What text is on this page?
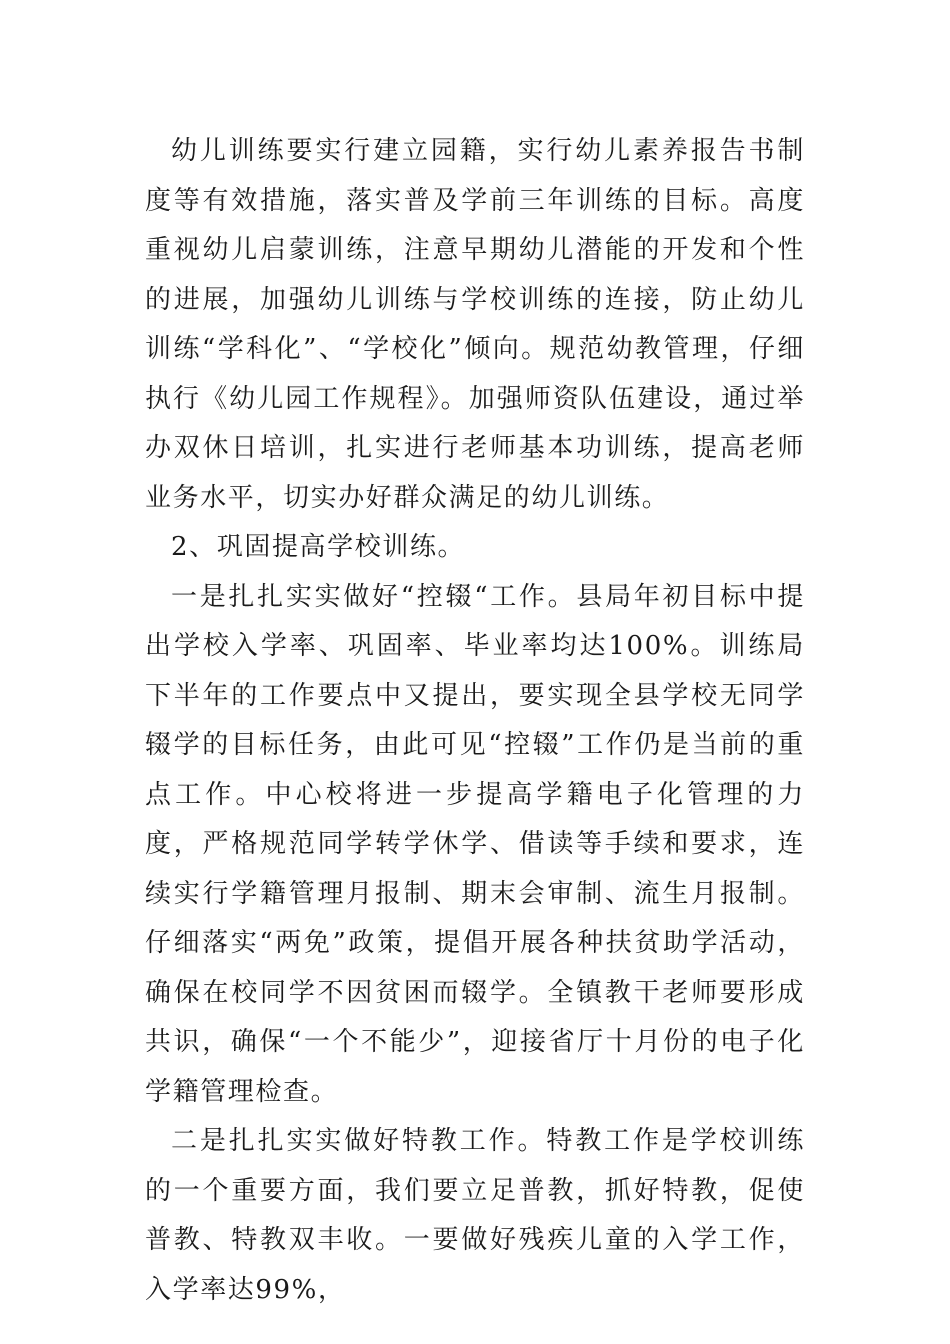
幼儿训练要实行建立园籍，实行幼儿素养报告书制度等有效措施，落实普及学前三年训练的目标。高度重视幼儿启蒙训练，注意早期幼儿潜能的开发和个性的进展，加强幼儿训练与学校训练的连接，防止幼儿训练“学科化”、“学校化”倾向。规范幼教管理，仔细执行《幼儿园工作规程》。加强师资队伍建设，通过举办双休日培训，扎实进行老师基本功训练，提高老师业务水平，切实办好群众满足的幼儿训练。

2、巩固提高学校训练。

一是扎扎实实做好“控辍“工作。县局年初目标中提出学校入学率、巩固率、毕业率均达100%。训练局下半年的工作要点中又提出，要实现全县学校无同学辍学的目标任务，由此可见“控辍”工作仍是当前的重点工作。中心校将进一步提高学籍电子化管理的力度，严格规范同学转学休学、借读等手续和要求，连续实行学籍管理月报制、期末会审制、流生月报制。仔细落实“两免”政策，提倡开展各种扶贫助学活动，确保在校同学不因贫困而辍学。全镇教干老师要形成共识，确保“一个不能少”，迎接省厅十月份的电子化学籍管理检查。

二是扎扎实实做好特教工作。特教工作是学校训练的一个重要方面，我们要立足普教，抓好特教，促使普教、特教双丰收。一要做好残疾儿童的入学工作，入学率达99%，
